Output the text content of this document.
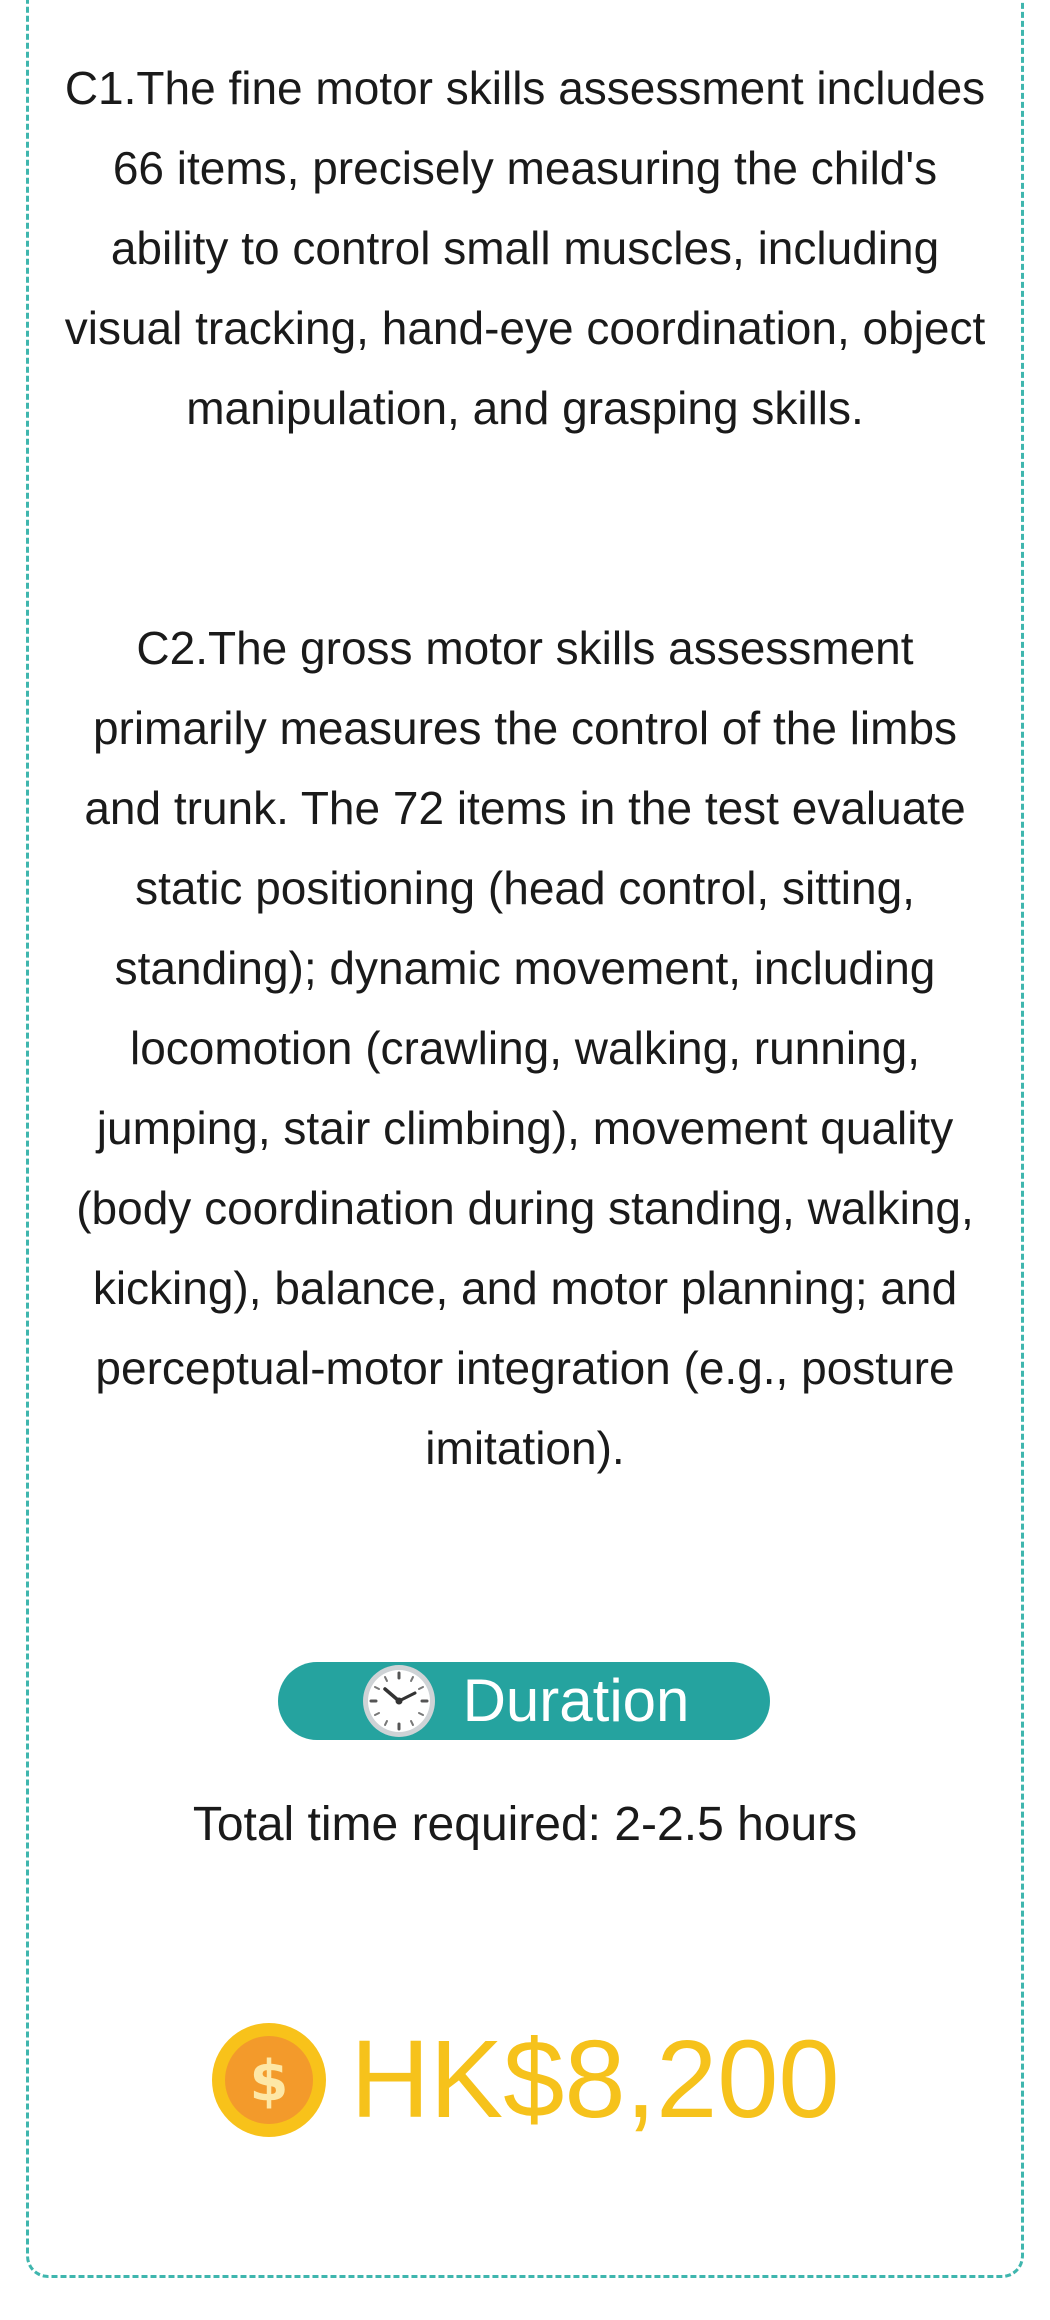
C1.The fine motor skills assessment includes 66 items, precisely measuring the child's ability to control small muscles, including visual tracking, hand-eye coordination, object manipulation, and grasping skills.

C2.The gross motor skills assessment primarily measures the control of the limbs and trunk. The 72 items in the test evaluate static positioning (head control, sitting, standing); dynamic movement, including locomotion (crawling, walking, running, jumping, stair climbing), movement quality (body coordination during standing, walking, kicking), balance, and motor planning; and perceptual-motor integration (e.g., posture imitation).

Duration

Total time required: 2-2.5 hours

$ HK$8,200
